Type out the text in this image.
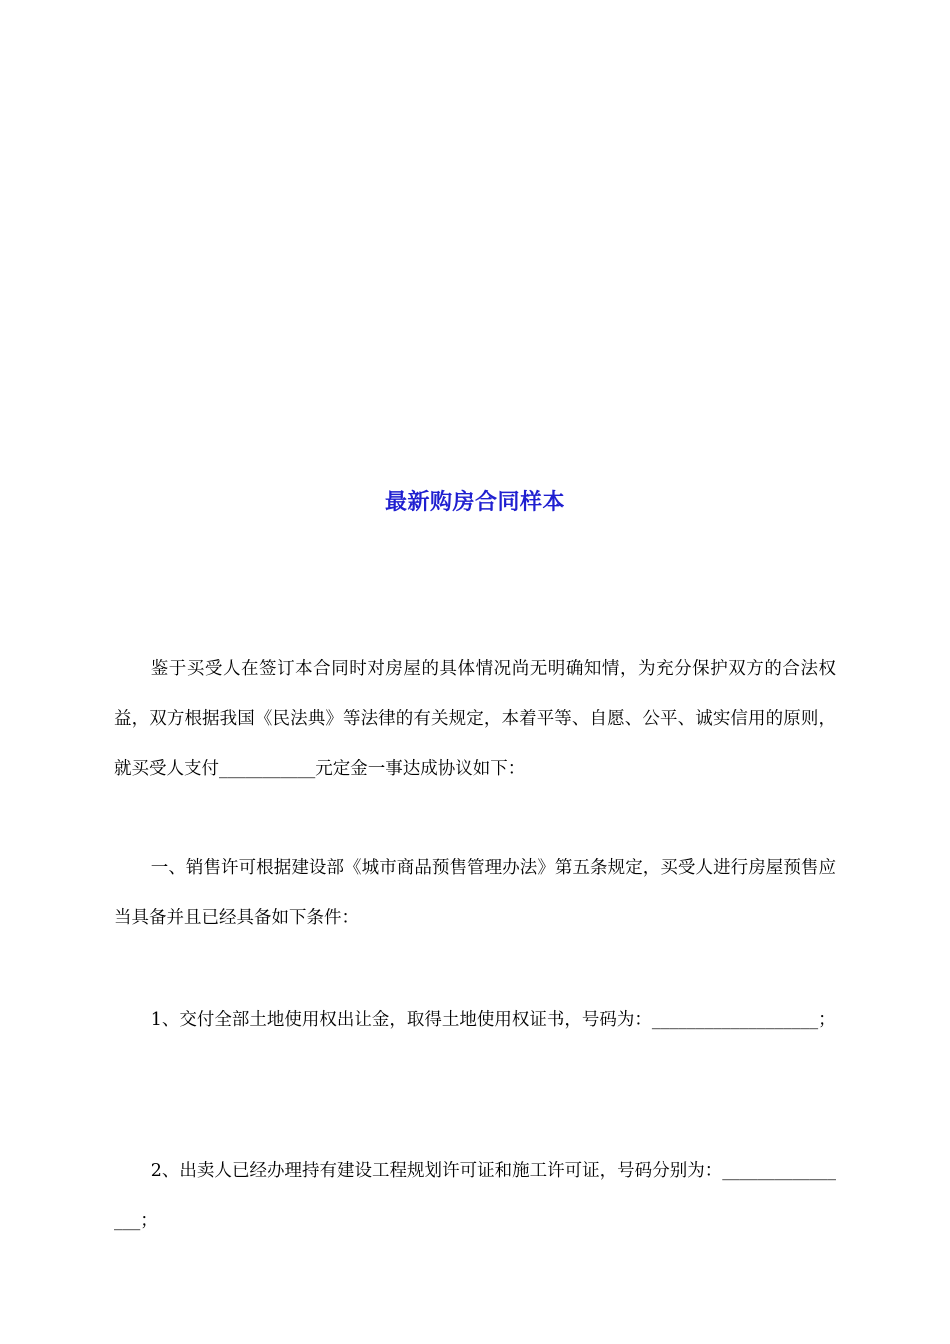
最新购房合同样本

鉴于买受人在签订本合同时对房屋的具体情况尚无明确知情，为充分保护双方的合法权益，双方根据我国《民法典》等法律的有关规定，本着平等、自愿、公平、诚实信用的原则，就买受人支付___________元定金一事达成协议如下：

一、销售许可根据建设部《城市商品预售管理办法》第五条规定，买受人进行房屋预售应当具备并且已经具备如下条件：

1、交付全部土地使用权出让金，取得土地使用权证书，号码为：___________________；

2、出卖人已经办理持有建设工程规划许可证和施工许可证，号码分别为：________________；
